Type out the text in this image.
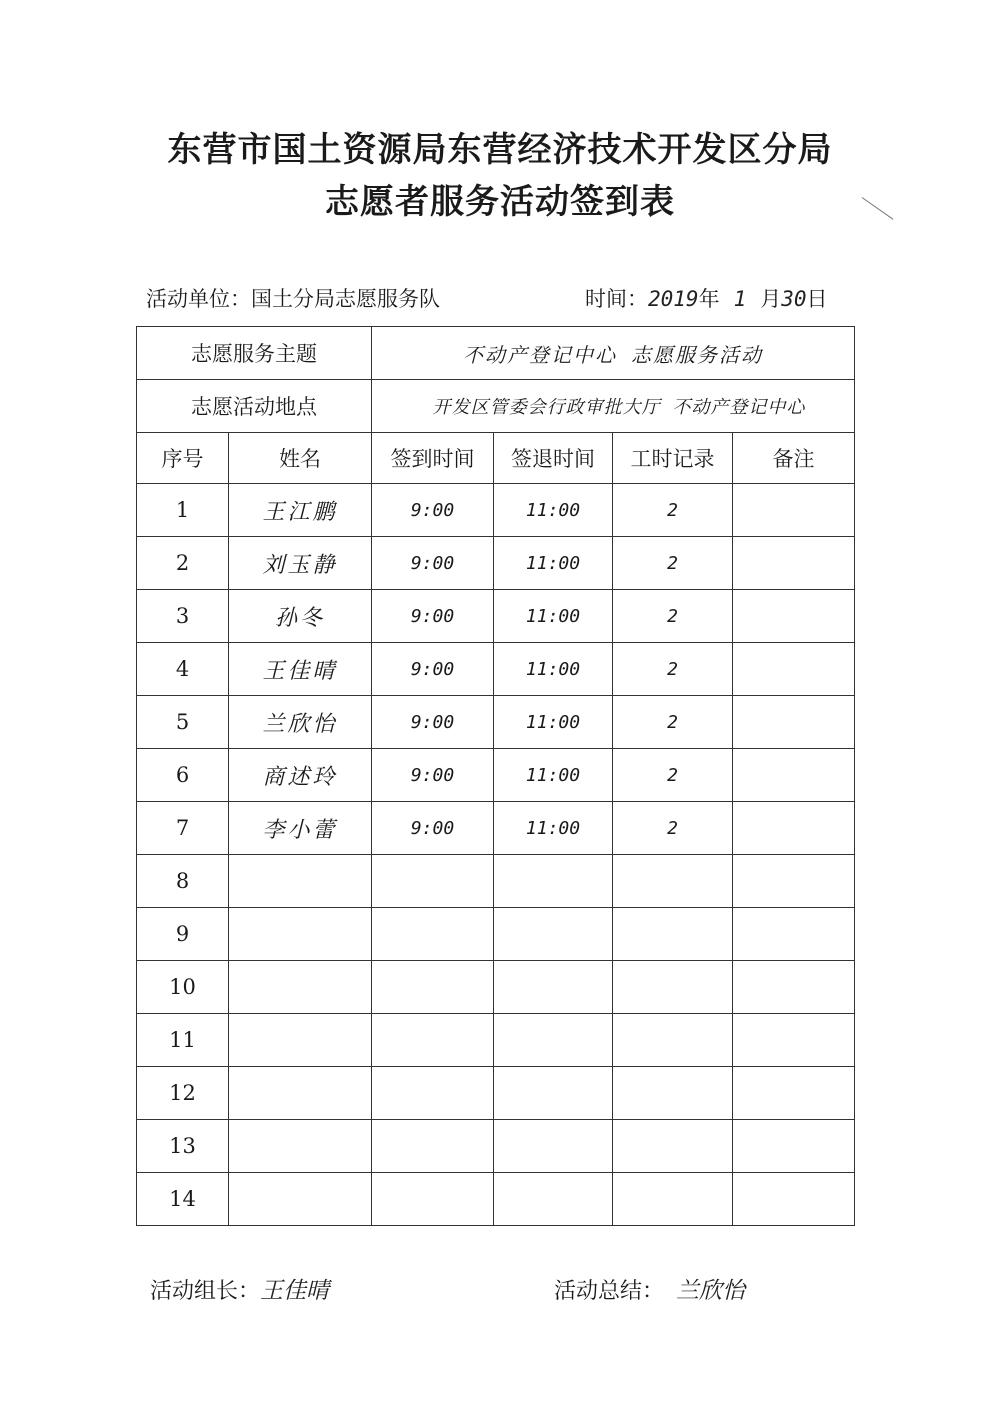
东营市国土资源局东营经济技术开发区分局
志愿者服务活动签到表
活动单位：国土分局志愿服务队	时间：2019年 1 月30日
志愿服务主题		不动产登记中心 志愿服务活动			
志愿活动地点		开发区管委会行政审批大厅 不动产登记中心			
序号	姓名	签到时间	签退时间	工时记录	备注
1	王江鹏	9:00	11:00	2	
2	刘玉静	9:00	11:00	2	
3	孙冬	9:00	11:00	2	
4	王佳晴	9:00	11:00	2	
5	兰欣怡	9:00	11:00	2	
6	商述玲	9:00	11:00	2	
7	李小蕾	9:00	11:00	2	
8					
9					
10					
11					
12					
13					
14					
活动组长：王佳晴	活动总结： 兰欣怡
